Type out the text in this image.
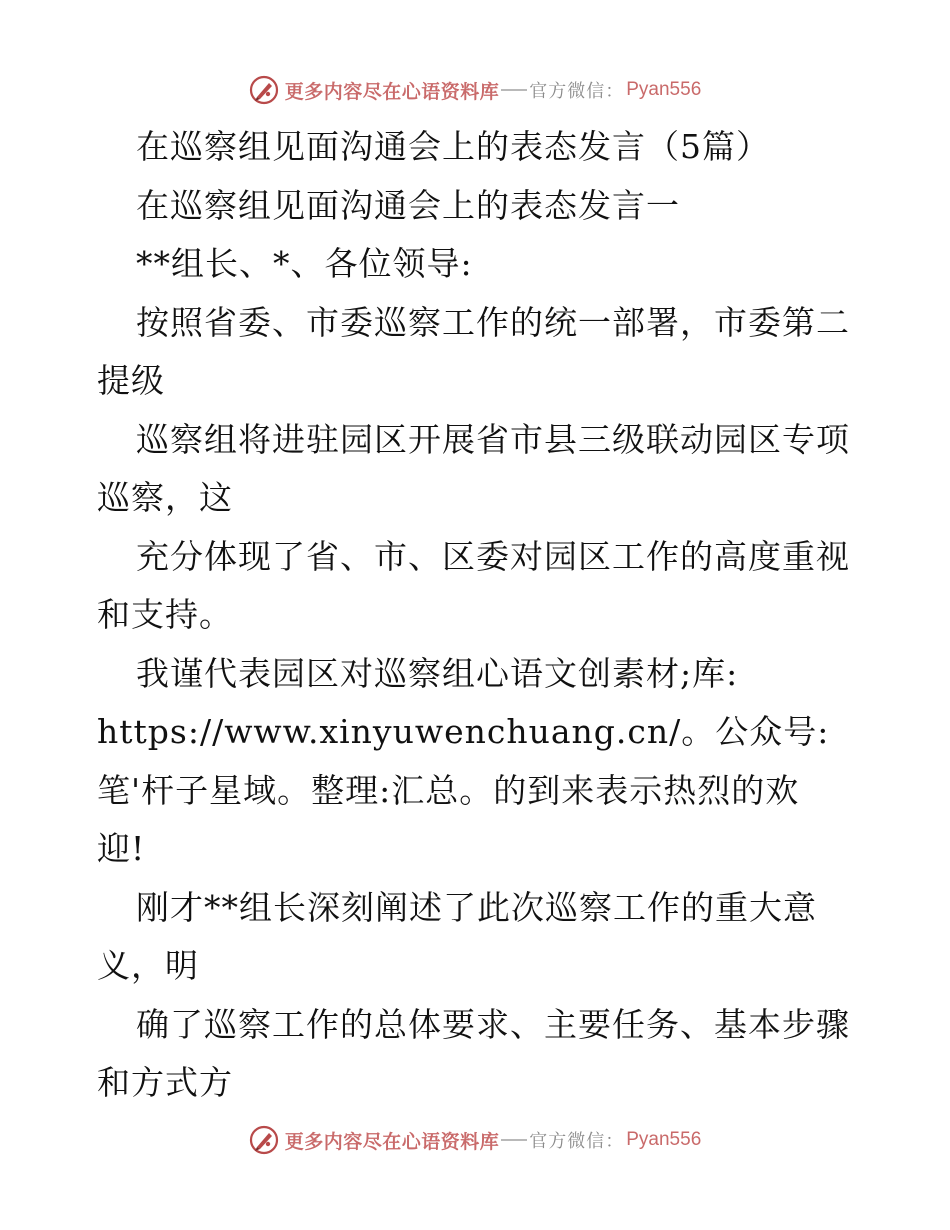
更多内容尽在心语资料库 官方微信： Pyan556
在巡察组见面沟通会上的表态发言（5篇）
在巡察组见面沟通会上的表态发言一
**组长、*、各位领导:
按照省委、市委巡察工作的统一部署，市委第二
提级
巡察组将进驻园区开展省市县三级联动园区专项
巡察，这
充分体现了省、市、区委对园区工作的高度重视
和支持。
我谨代表园区对巡察组心语文创素材;库:
https://www.xinyuwenchuang.cn/。公众号:
笔'杆子星域。整理:汇总。的到来表示热烈的欢
迎!
刚才**组长深刻阐述了此次巡察工作的重大意
义，明
确了巡察工作的总体要求、主要任务、基本步骤
和方式方
更多内容尽在心语资料库 官方微信： Pyan556
